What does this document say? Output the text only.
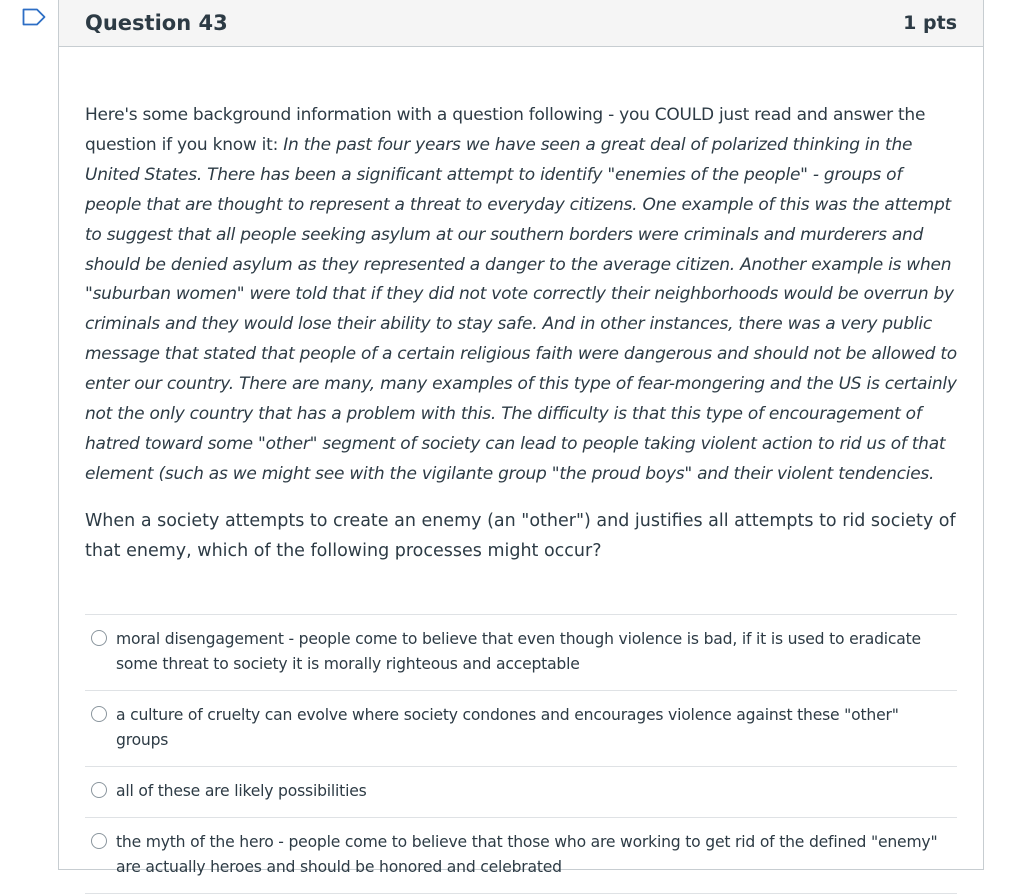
Question 43	1 pts

Here's some background information with a question following - you COULD just read and answer the question if you know it: In the past four years we have seen a great deal of polarized thinking in the United States. There has been a significant attempt to identify "enemies of the people" - groups of people that are thought to represent a threat to everyday citizens. One example of this was the attempt to suggest that all people seeking asylum at our southern borders were criminals and murderers and should be denied asylum as they represented a danger to the average citizen. Another example is when "suburban women" were told that if they did not vote correctly their neighborhoods would be overrun by criminals and they would lose their ability to stay safe. And in other instances, there was a very public message that stated that people of a certain religious faith were dangerous and should not be allowed to enter our country. There are many, many examples of this type of fear-mongering and the US is certainly not the only country that has a problem with this. The difficulty is that this type of encouragement of hatred toward some "other" segment of society can lead to people taking violent action to rid us of that element (such as we might see with the vigilante group "the proud boys" and their violent tendencies.

When a society attempts to create an enemy (an "other") and justifies all attempts to rid society of that enemy, which of the following processes might occur?

moral disengagement - people come to believe that even though violence is bad, if it is used to eradicate some threat to society it is morally righteous and acceptable
a culture of cruelty can evolve where society condones and encourages violence against these "other" groups
all of these are likely possibilities
the myth of the hero - people come to believe that those who are working to get rid of the defined "enemy" are actually heroes and should be honored and celebrated
